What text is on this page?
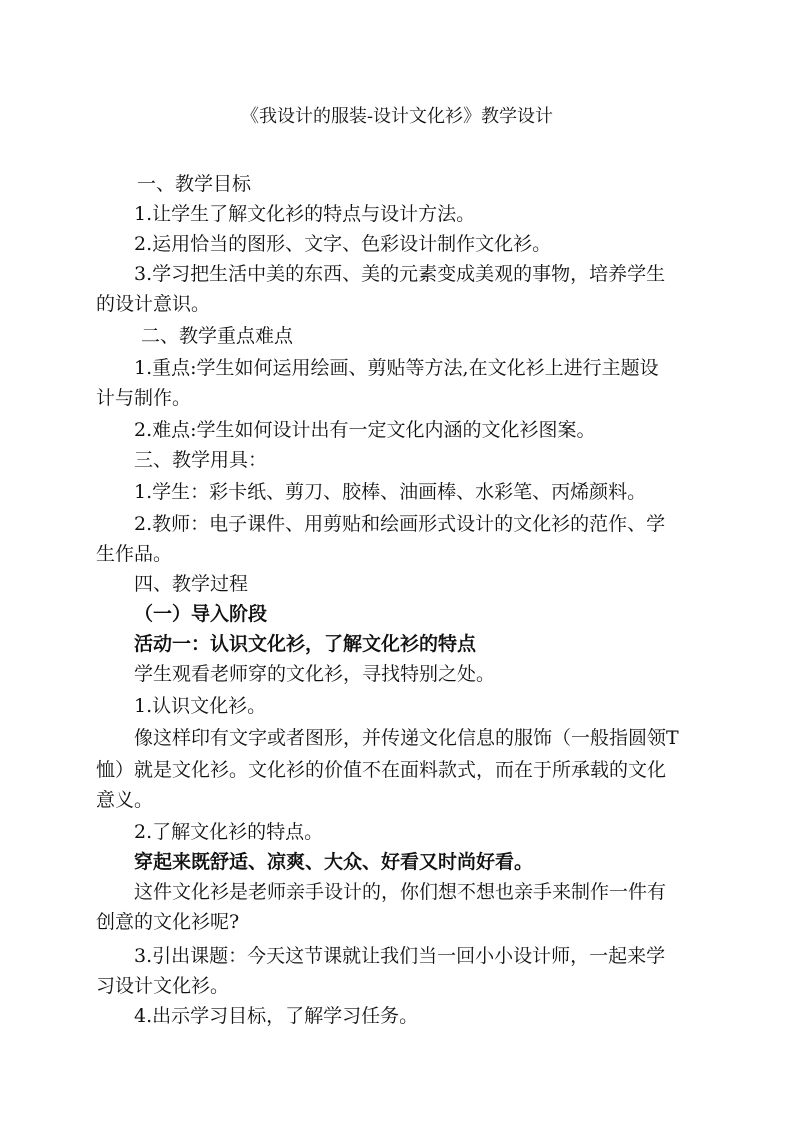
《我设计的服装-设计文化衫》教学设计
一、教学目标
1.让学生了解文化衫的特点与设计方法。
2.运用恰当的图形、文字、色彩设计制作文化衫。
3.学习把生活中美的东西、美的元素变成美观的事物，培养学生
的设计意识。
二、教学重点难点
1.重点:学生如何运用绘画、剪贴等方法,在文化衫上进行主题设
计与制作。
2.难点:学生如何设计出有一定文化内涵的文化衫图案。
三、教学用具：
1.学生：彩卡纸、剪刀、胶棒、油画棒、水彩笔、丙烯颜料。
2.教师：电子课件、用剪贴和绘画形式设计的文化衫的范作、学
生作品。
四、教学过程
（一）导入阶段
活动一：认识文化衫，了解文化衫的特点
学生观看老师穿的文化衫，寻找特别之处。
1.认识文化衫。
像这样印有文字或者图形，并传递文化信息的服饰（一般指圆领T
恤）就是文化衫。文化衫的价值不在面料款式，而在于所承载的文化
意义。
2.了解文化衫的特点。
穿起来既舒适、凉爽、大众、好看又时尚好看。
这件文化衫是老师亲手设计的，你们想不想也亲手来制作一件有
创意的文化衫呢?
3.引出课题：今天这节课就让我们当一回小小设计师，一起来学
习设计文化衫。
4.出示学习目标，了解学习任务。
